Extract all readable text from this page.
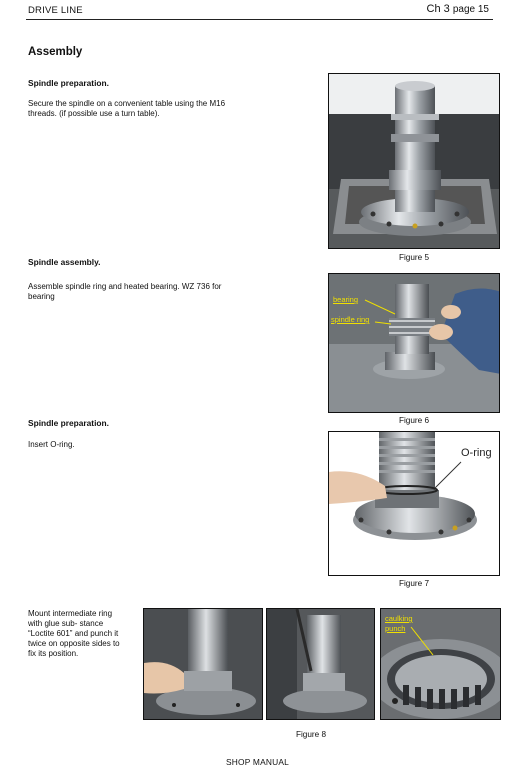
DRIVE LINE	Ch 3 page 15
Assembly
Spindle preparation.
Secure the spindle on a convenient table using the M16 threads. (if possible use a turn table).
Spindle assembly.
Assemble spindle ring and heated bearing. WZ 736 for bearing
Spindle preparation.
Insert O-ring.
Mount intermediate ring with glue sub- stance “Loctite 601” and punch it twice on opposite sides to fix its position.
Figure 5
bearing
spindle ring
Figure 6
O-ring
Figure 7
caulking
punch
Figure 8
SHOP MANUAL
